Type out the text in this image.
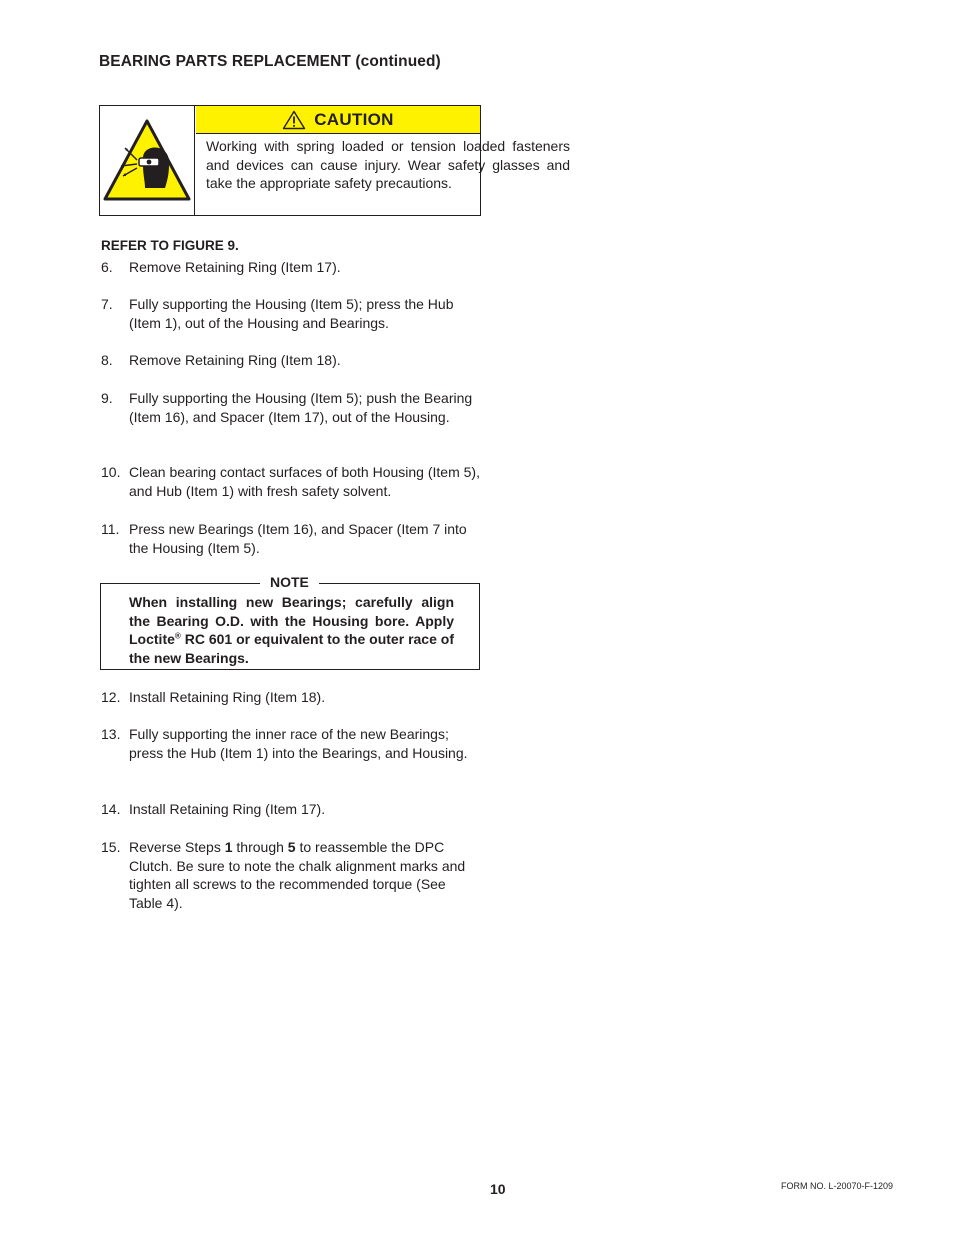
BEARING PARTS REPLACEMENT (continued)
CAUTION
Working with spring loaded or tension loaded fasteners and devices can cause injury. Wear safety glasses and take the appropriate safety precautions.
REFER TO FIGURE 9.
6. Remove Retaining Ring (Item 17).
7. Fully supporting the Housing (Item 5); press the Hub (Item 1), out of the Housing and Bearings.
8. Remove Retaining Ring (Item 18).
9. Fully supporting the Housing (Item 5); push the Bearing (Item 16), and Spacer (Item 17), out of the Housing.
10. Clean bearing contact surfaces of both Housing (Item 5), and Hub (Item 1) with fresh safety solvent.
11. Press new Bearings (Item 16), and Spacer (Item 7 into the Housing (Item 5).
NOTE
When installing new Bearings; carefully align the Bearing O.D. with the Housing bore. Apply Loctite® RC 601 or equivalent to the outer race of the new Bearings.
12. Install Retaining Ring (Item 18).
13. Fully supporting the inner race of the new Bearings; press the Hub (Item 1) into the Bearings, and Housing.
14. Install Retaining Ring (Item 17).
15. Reverse Steps 1 through 5 to reassemble the DPC Clutch. Be sure to note the chalk alignment marks and tighten all screws to the recommended torque (See Table 4).
10	FORM NO. L-20070-F-1209
